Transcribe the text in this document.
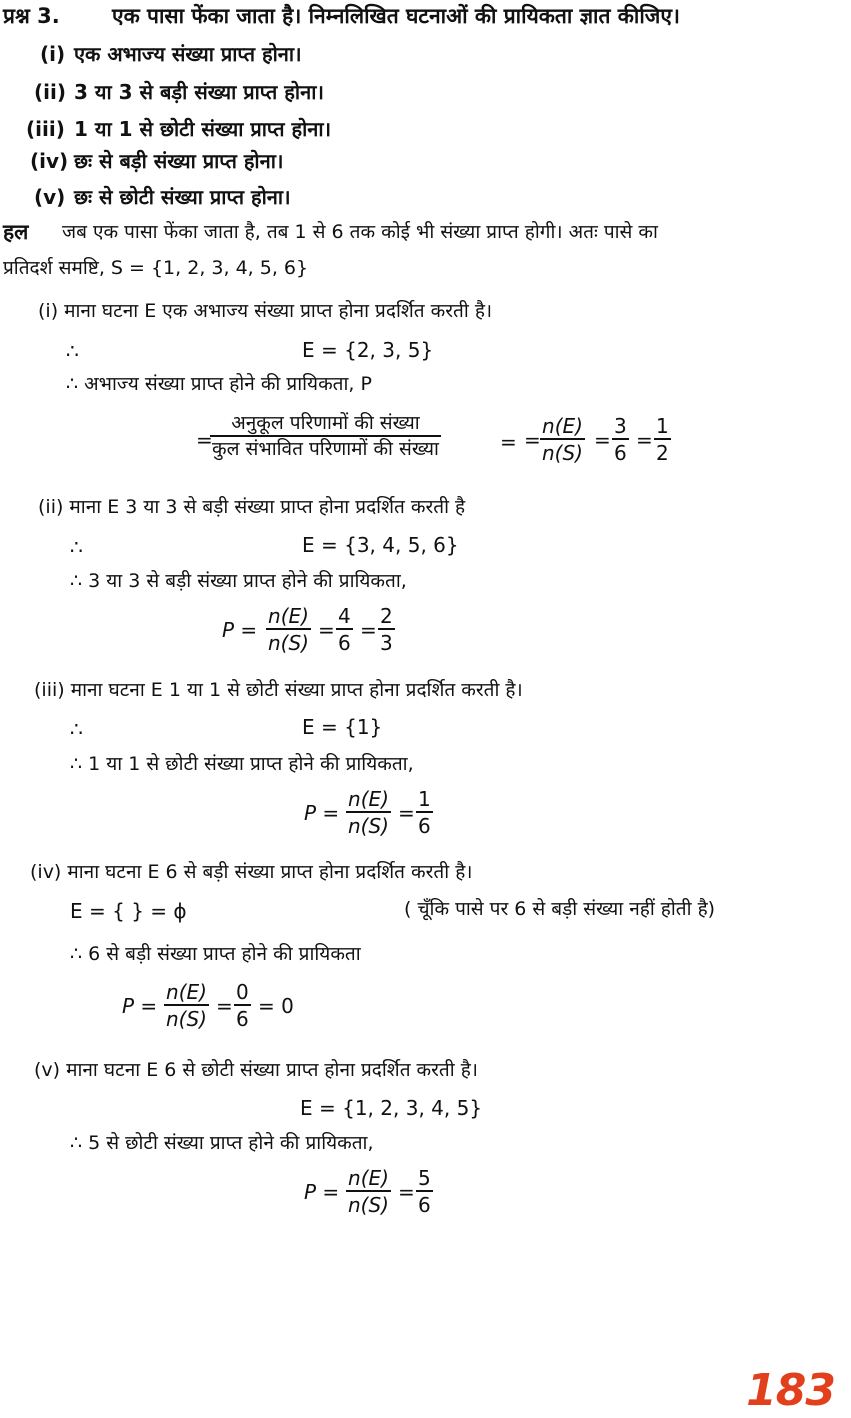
प्रश्न 3. एक पासा फेंका जाता है। निम्नलिखित घटनाओं की प्रायिकता ज्ञात कीजिए।
(i) एक अभाज्य संख्या प्राप्त होना।
(ii) 3 या 3 से बड़ी संख्या प्राप्त होना।
(iii) 1 या 1 से छोटी संख्या प्राप्त होना।
(iv) छः से बड़ी संख्या प्राप्त होना।
(v) छः से छोटी संख्या प्राप्त होना।
हल जब एक पासा फेंका जाता है, तब 1 से 6 तक कोई भी संख्या प्राप्त होगी। अतः पासे का
प्रतिदर्श समष्टि, S = {1, 2, 3, 4, 5, 6}
(i) माना घटना E एक अभाज्य संख्या प्राप्त होना प्रदर्शित करती है।
∴	E = {2, 3, 5}
∴ अभाज्य संख्या प्राप्त होने की प्रायिकता, P
=
अनुकूल परिणामों की संख्या
कुल संभावित परिणामों की संख्या	= =
n(E)
n(S)
=
3
6
=
1
2
(ii) माना E 3 या 3 से बड़ी संख्या प्राप्त होना प्रदर्शित करती है
∴	E = {3, 4, 5, 6}
∴ 3 या 3 से बड़ी संख्या प्राप्त होने की प्रायिकता,
P =
n(E)
n(S)
=
4
6
=
2
3
(iii) माना घटना E 1 या 1 से छोटी संख्या प्राप्त होना प्रदर्शित करती है।
∴	E = {1}
∴ 1 या 1 से छोटी संख्या प्राप्त होने की प्रायिकता,
P =
n(E)
n(S)
=
1
6
(iv) माना घटना E 6 से बड़ी संख्या प्राप्त होना प्रदर्शित करती है।
E = { } = ϕ	( चूँकि पासे पर 6 से बड़ी संख्या नहीं होती है)
∴ 6 से बड़ी संख्या प्राप्त होने की प्रायिकता
P =
n(E)
n(S)
=
0
6
= 0
(v) माना घटना E 6 से छोटी संख्या प्राप्त होना प्रदर्शित करती है।
E = {1, 2, 3, 4, 5}
∴ 5 से छोटी संख्या प्राप्त होने की प्रायिकता,
P =
n(E)
n(S)
=
5
6
183
